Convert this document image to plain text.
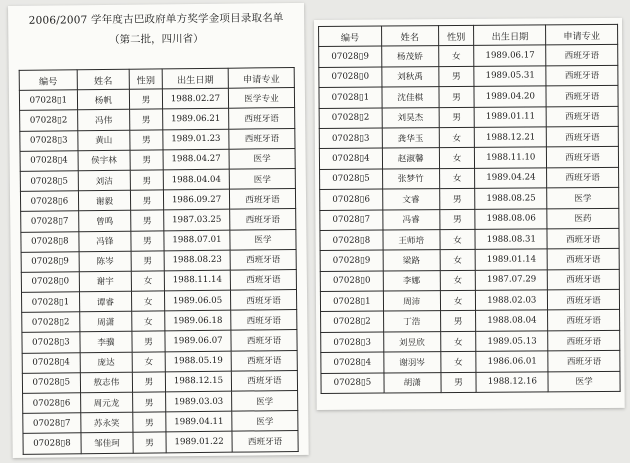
2006/2007 学年度古巴政府单方奖学金项目录取名单
（第二批，四川省）
编号	姓名	性别	出生日期	申请专业
07028▯1	杨帆	男	1988.02.27	医学专业
07028▯2	冯伟	男	1989.06.21	西班牙语
07028▯3	黄山	男	1989.01.23	西班牙语
07028▯4	侯宇林	男	1988.04.27	医学
07028▯5	刘洁	男	1988.04.04	医学
07028▯6	谢毅	男	1986.09.27	西班牙语
07028▯7	曾鸣	男	1987.03.25	西班牙语
07028▯8	冯锋	男	1988.07.01	医学
07028▯9	陈岑	男	1988.08.23	西班牙语
07028▯0	谢宇	女	1988.11.14	西班牙语
07028▯1	谭睿	女	1989.06.05	西班牙语
07028▯2	周潇	女	1989.06.18	西班牙语
07028▯3	李骥	男	1989.06.07	西班牙语
07028▯4	庞达	女	1988.05.19	西班牙语
07028▯5	敖志伟	男	1988.12.15	西班牙语
07028▯6	周元龙	男	1989.03.03	医学
07028▯7	苏永笑	男	1989.04.11	医学
07028▯8	邹佳珂	男	1989.01.22	西班牙语
编号	姓名	性别	出生日期	申请专业
07028▯9	杨茂娇	女	1989.06.17	西班牙语
07028▯0	刘秋禹	男	1989.05.31	西班牙语
07028▯1	沈佳棋	男	1989.04.20	西班牙语
07028▯2	刘昊杰	男	1989.01.11	西班牙语
07028▯3	龚华玉	女	1988.12.21	西班牙语
07028▯4	赵淑馨	女	1988.11.10	西班牙语
07028▯5	张梦竹	女	1989.04.24	西班牙语
07028▯6	文睿	男	1988.08.25	医学
07028▯7	冯睿	男	1988.08.06	医药
07028▯8	王师培	女	1988.08.31	西班牙语
07028▯9	梁路	女	1989.01.14	西班牙语
07028▯0	李娜	女	1987.07.29	西班牙语
07028▯1	周沛	女	1988.02.03	西班牙语
07028▯2	丁浩	男	1988.08.04	西班牙语
07028▯3	刘昱欣	女	1989.05.13	西班牙语
07028▯4	谢羽岑	女	1986.06.01	西班牙语
07028▯5	胡潇	男	1988.12.16	医学
